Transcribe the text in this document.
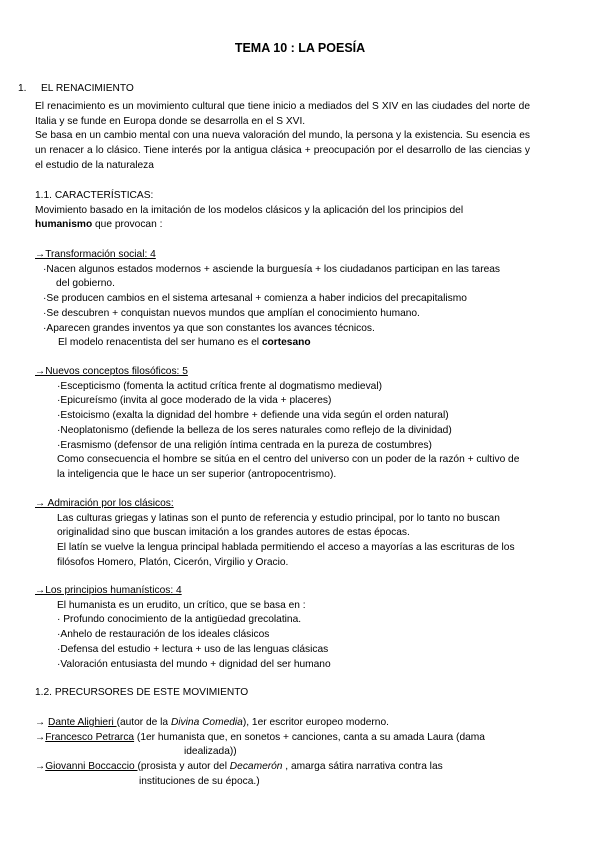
TEMA 10 : LA POESÍA
1.	EL RENACIMIENTO

El renacimiento es un movimiento cultural que tiene inicio a mediados del S XIV en las ciudades del norte de Italia y se funde en Europa donde se desarrolla en el S XVI.

Se basa en un cambio mental con una nueva valoración del mundo, la persona y la existencia. Su esencia es un renacer a lo clásico. Tiene interés por la antigua clásica + preocupación por el desarrollo de las ciencias y el estudio de la naturaleza

1.1. CARACTERÍSTICAS:

Movimiento basado en la imitación de los modelos clásicos y la aplicación del los principios del

humanismo que provocan :

→Transformación social: 4

·Nacen algunos estados modernos + asciende la burguesía + los ciudadanos participan en las tareas del gobierno.

·Se producen cambios en el sistema artesanal + comienza a haber indicios del precapitalismo

·Se descubren + conquistan nuevos mundos que amplían el conocimiento humano.

·Aparecen grandes inventos ya que son constantes los avances técnicos.

El modelo renacentista del ser humano es el cortesano

→Nuevos conceptos filosóficos: 5

·Escepticismo (fomenta la actitud crítica frente al dogmatismo medieval)

·Epicureísmo (invita al goce moderado de la vida + placeres)

·Estoicismo (exalta la dignidad del hombre + defiende una vida según el orden natural)

·Neoplatonismo (defiende la belleza de los seres naturales como reflejo de la divinidad)

·Erasmismo (defensor de una religión íntima centrada en la pureza de costumbres)

Como consecuencia el hombre se sitúa en el centro del universo con un poder de la razón + cultivo de la inteligencia que le hace un ser superior (antropocentrismo).

→ Admiración por los clásicos:

Las culturas griegas y latinas son el punto de referencia y estudio principal, por lo tanto no buscan originalidad sino que buscan imitación a los grandes autores de estas épocas.

El latín se vuelve la lengua principal hablada permitiendo el acceso a mayorías a las escrituras de los filósofos Homero, Platón, Cicerón, Virgilio y Oracio.

→Los principios humanísticos: 4

El humanista es un erudito, un crítico, que se basa en :

· Profundo conocimiento de la antigüedad grecolatina.

·Anhelo de restauración de los ideales clásicos

·Defensa del estudio + lectura + uso de las lenguas clásicas

·Valoración entusiasta del mundo + dignidad del ser humano

1.2. PRECURSORES DE ESTE MOVIMIENTO

→ Dante Alighieri (autor de la Divina Comedia), 1er escritor europeo moderno.

→Francesco Petrarca (1er humanista que, en sonetos + canciones, canta a su amada Laura (dama

idealizada))

→Giovanni Boccaccio (prosista y autor del Decamerón , amarga sátira narrativa contra las

instituciones de su época.)
